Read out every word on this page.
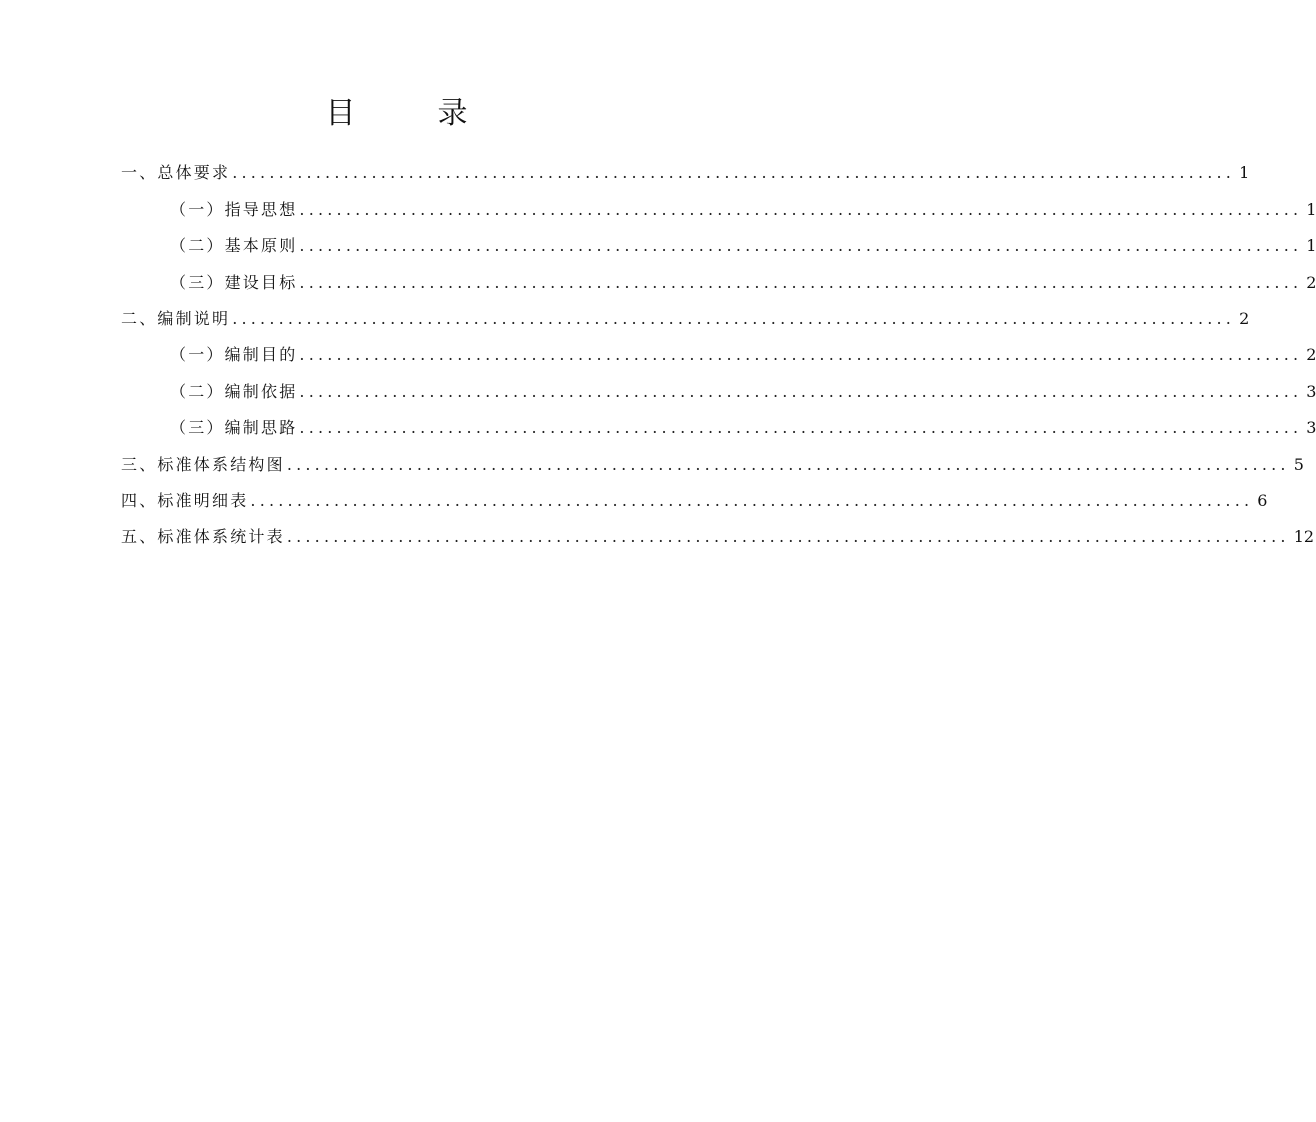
目　录
一、总体要求 ............................................................................................................ 1
（一）指导思想 ............................................................................................................ 1
（二）基本原则 ............................................................................................................ 1
（三）建设目标 ............................................................................................................ 2
二、编制说明 ............................................................................................................ 2
（一）编制目的 ............................................................................................................ 2
（二）编制依据 ............................................................................................................ 3
（三）编制思路 ............................................................................................................ 3
三、标准体系结构图 ............................................................................................................ 5
四、标准明细表 ............................................................................................................ 6
五、标准体系统计表 ............................................................................................................ 12
